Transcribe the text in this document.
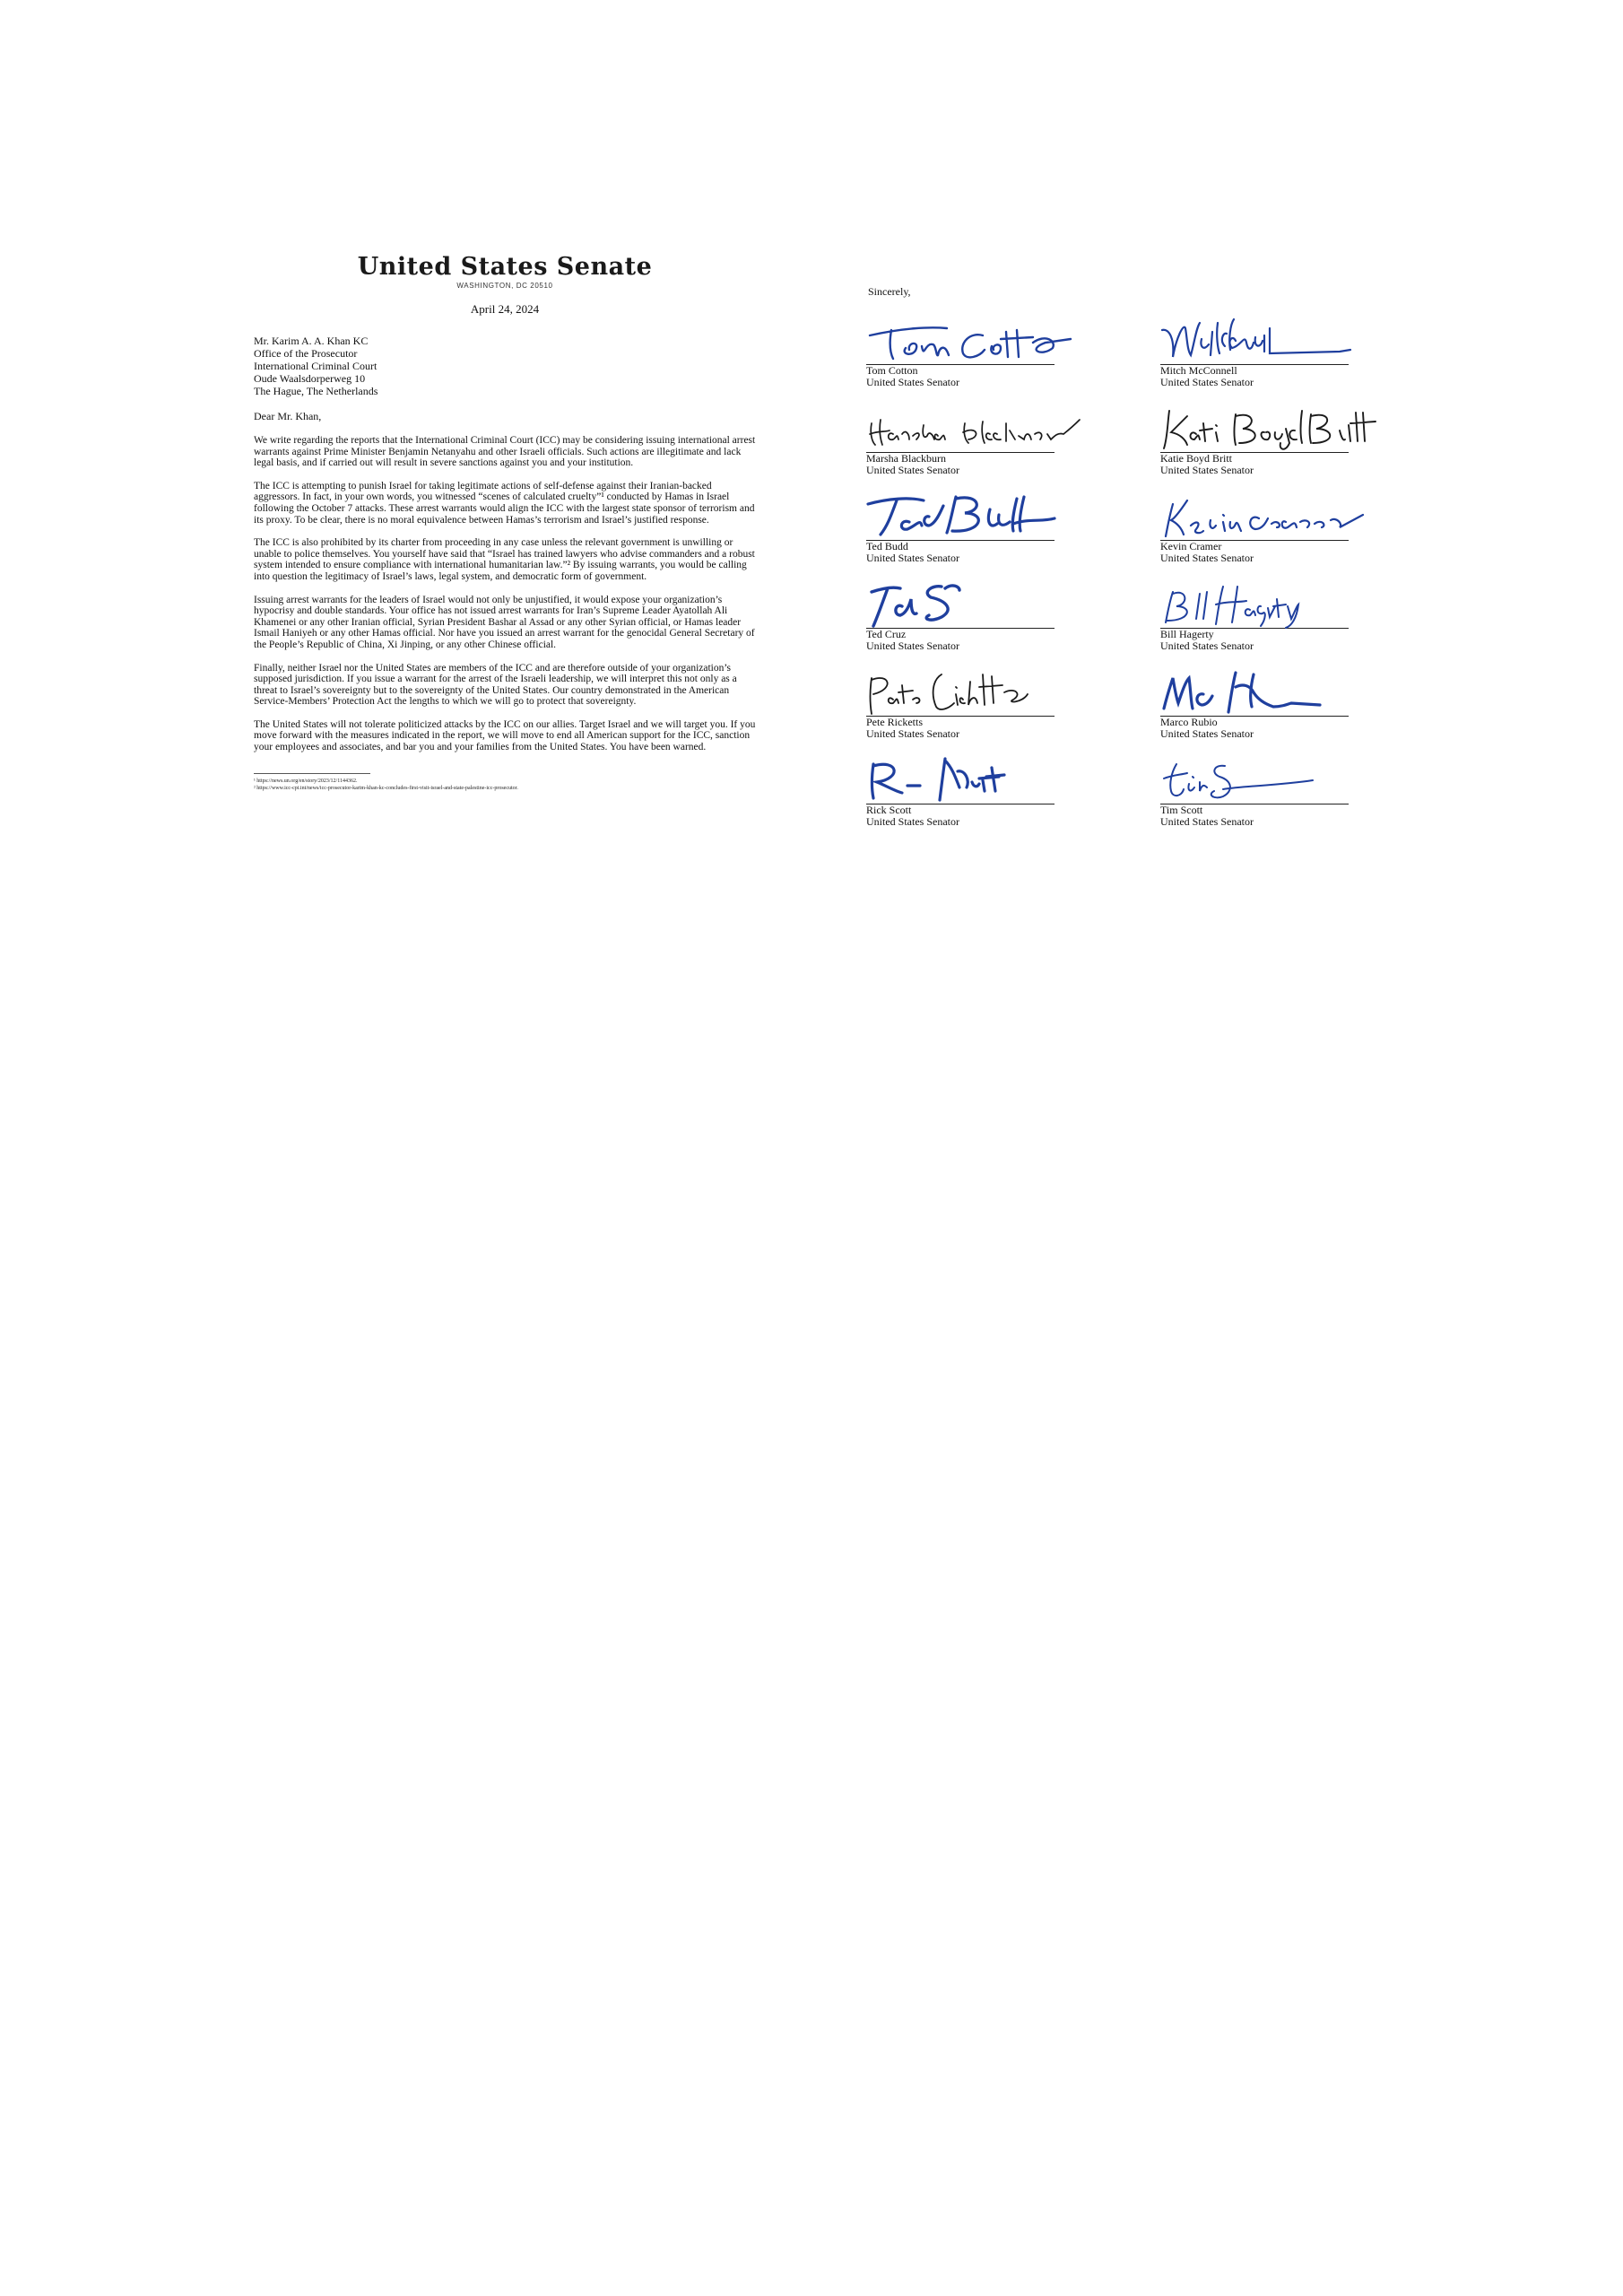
United States Senate
WASHINGTON, DC 20510
April 24, 2024
Mr. Karim A. A. Khan KC
Office of the Prosecutor
International Criminal Court
Oude Waalsdorperweg 10
The Hague, The Netherlands
Dear Mr. Khan,
We write regarding the reports that the International Criminal Court (ICC) may be considering issuing international arrest warrants against Prime Minister Benjamin Netanyahu and other Israeli officials. Such actions are illegitimate and lack legal basis, and if carried out will result in severe sanctions against you and your institution.
The ICC is attempting to punish Israel for taking legitimate actions of self-defense against their Iranian-backed aggressors. In fact, in your own words, you witnessed “scenes of calculated cruelty”¹ conducted by Hamas in Israel following the October 7 attacks. These arrest warrants would align the ICC with the largest state sponsor of terrorism and its proxy. To be clear, there is no moral equivalence between Hamas’s terrorism and Israel’s justified response.
The ICC is also prohibited by its charter from proceeding in any case unless the relevant government is unwilling or unable to police themselves. You yourself have said that “Israel has trained lawyers who advise commanders and a robust system intended to ensure compliance with international humanitarian law.”² By issuing warrants, you would be calling into question the legitimacy of Israel’s laws, legal system, and democratic form of government.
Issuing arrest warrants for the leaders of Israel would not only be unjustified, it would expose your organization’s hypocrisy and double standards. Your office has not issued arrest warrants for Iran’s Supreme Leader Ayatollah Ali Khamenei or any other Iranian official, Syrian President Bashar al Assad or any other Syrian official, or Hamas leader Ismail Haniyeh or any other Hamas official. Nor have you issued an arrest warrant for the genocidal General Secretary of the People’s Republic of China, Xi Jinping, or any other Chinese official.
Finally, neither Israel nor the United States are members of the ICC and are therefore outside of your organization’s supposed jurisdiction. If you issue a warrant for the arrest of the Israeli leadership, we will interpret this not only as a threat to Israel’s sovereignty but to the sovereignty of the United States. Our country demonstrated in the American Service-Members’ Protection Act the lengths to which we will go to protect that sovereignty.
The United States will not tolerate politicized attacks by the ICC on our allies. Target Israel and we will target you. If you move forward with the measures indicated in the report, we will move to end all American support for the ICC, sanction your employees and associates, and bar you and your families from the United States. You have been warned.
¹ https://news.un.org/en/story/2023/12/1144362.
² https://www.icc-cpi.int/news/icc-prosecutor-karim-khan-kc-concludes-first-visit-israel-and-state-palestine-icc-prosecutor.
Sincerely,
Tom Cotton
United States Senator
Mitch McConnell
United States Senator
Marsha Blackburn
United States Senator
Katie Boyd Britt
United States Senator
Ted Budd
United States Senator
Kevin Cramer
United States Senator
Ted Cruz
United States Senator
Bill Hagerty
United States Senator
Pete Ricketts
United States Senator
Marco Rubio
United States Senator
Rick Scott
United States Senator
Tim Scott
United States Senator
